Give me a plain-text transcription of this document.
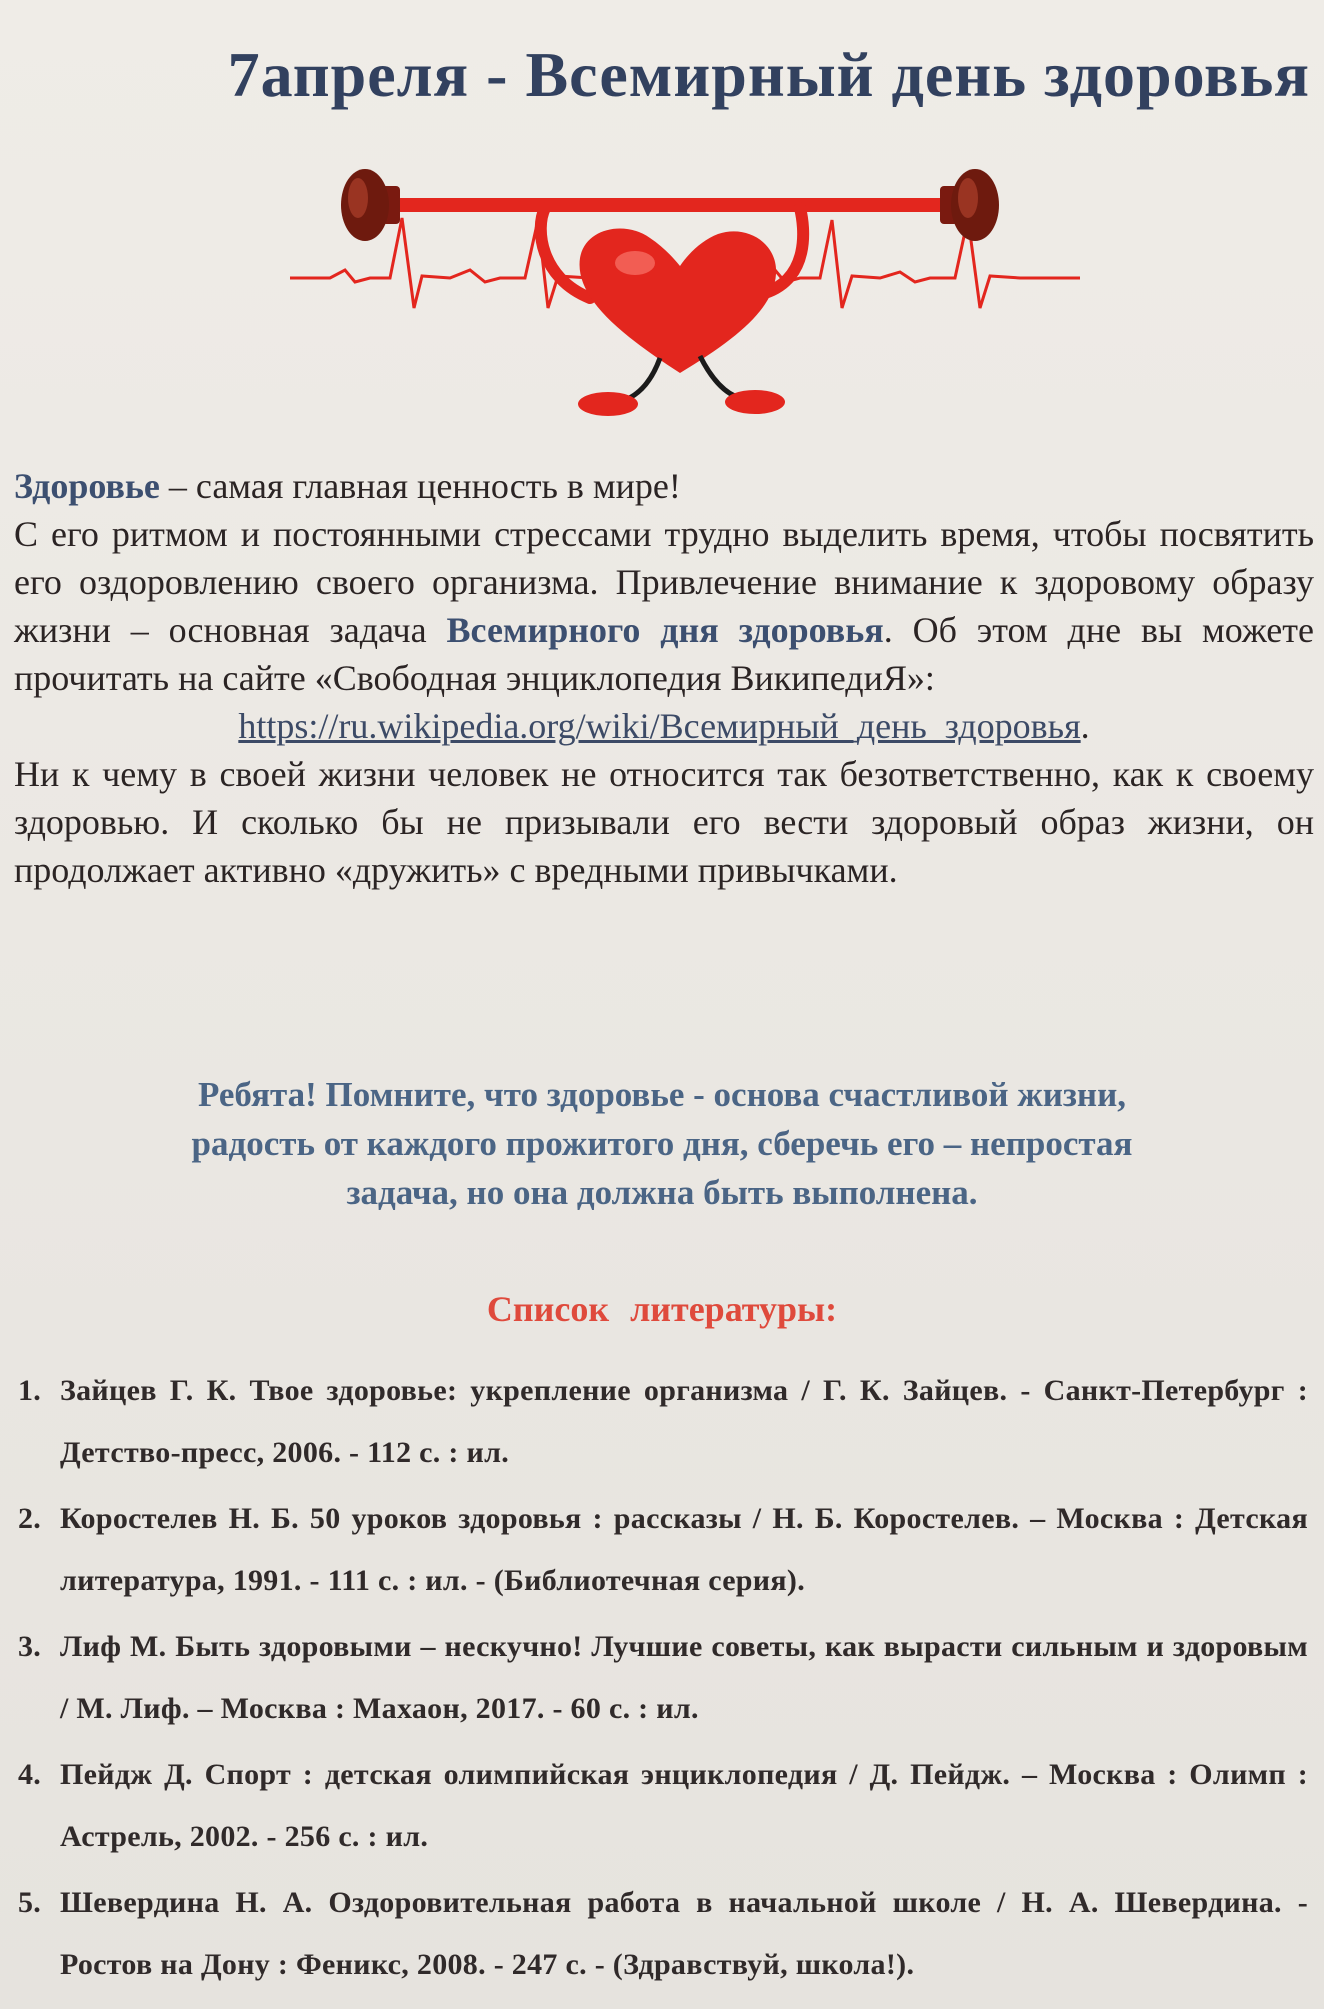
7апреля - Всемирный день здоровья

Здоровье – самая главная ценность в мире!

С его ритмом и постоянными стрессами трудно выделить время, чтобы посвятить его оздоровлению своего организма. Привлечение внимание к здоровому образу жизни – основная задача Всемирного дня здоровья. Об этом дне вы можете прочитать на сайте «Свободная энциклопедия ВикипедиЯ»:

https://ru.wikipedia.org/wiki/Всемирный_день_здоровья.

Ни к чему в своей жизни человек не относится так безответственно, как к своему здоровью. И сколько бы не призывали его вести здоровый образ жизни, он продолжает активно «дружить» с вредными привычками.

Ребята! Помните, что здоровье - основа счастливой жизни,

радость от каждого прожитого дня, сберечь его – непростая

задача, но она должна быть выполнена.

Список литературы:
1. Зайцев Г. К. Твое здоровье: укрепление организма / Г. К. Зайцев. - Санкт-Петербург : Детство-пресс, 2006. - 112 с. : ил.
2. Коростелев Н. Б. 50 уроков здоровья : рассказы / Н. Б. Коростелев. – Москва : Детская литература, 1991. - 111 с. : ил. - (Библиотечная серия).
3. Лиф М. Быть здоровыми – нескучно! Лучшие советы, как вырасти сильным и здоровым / М. Лиф. – Москва : Махаон, 2017. - 60 с. : ил.
4. Пейдж Д. Спорт : детская олимпийская энциклопедия / Д. Пейдж. – Москва : Олимп : Астрель, 2002. - 256 с. : ил.
5. Шевердина Н. А. Оздоровительная работа в начальной школе / Н. А. Шевердина. - Ростов на Дону : Феникс, 2008. - 247 с. - (Здравствуй, школа!).
